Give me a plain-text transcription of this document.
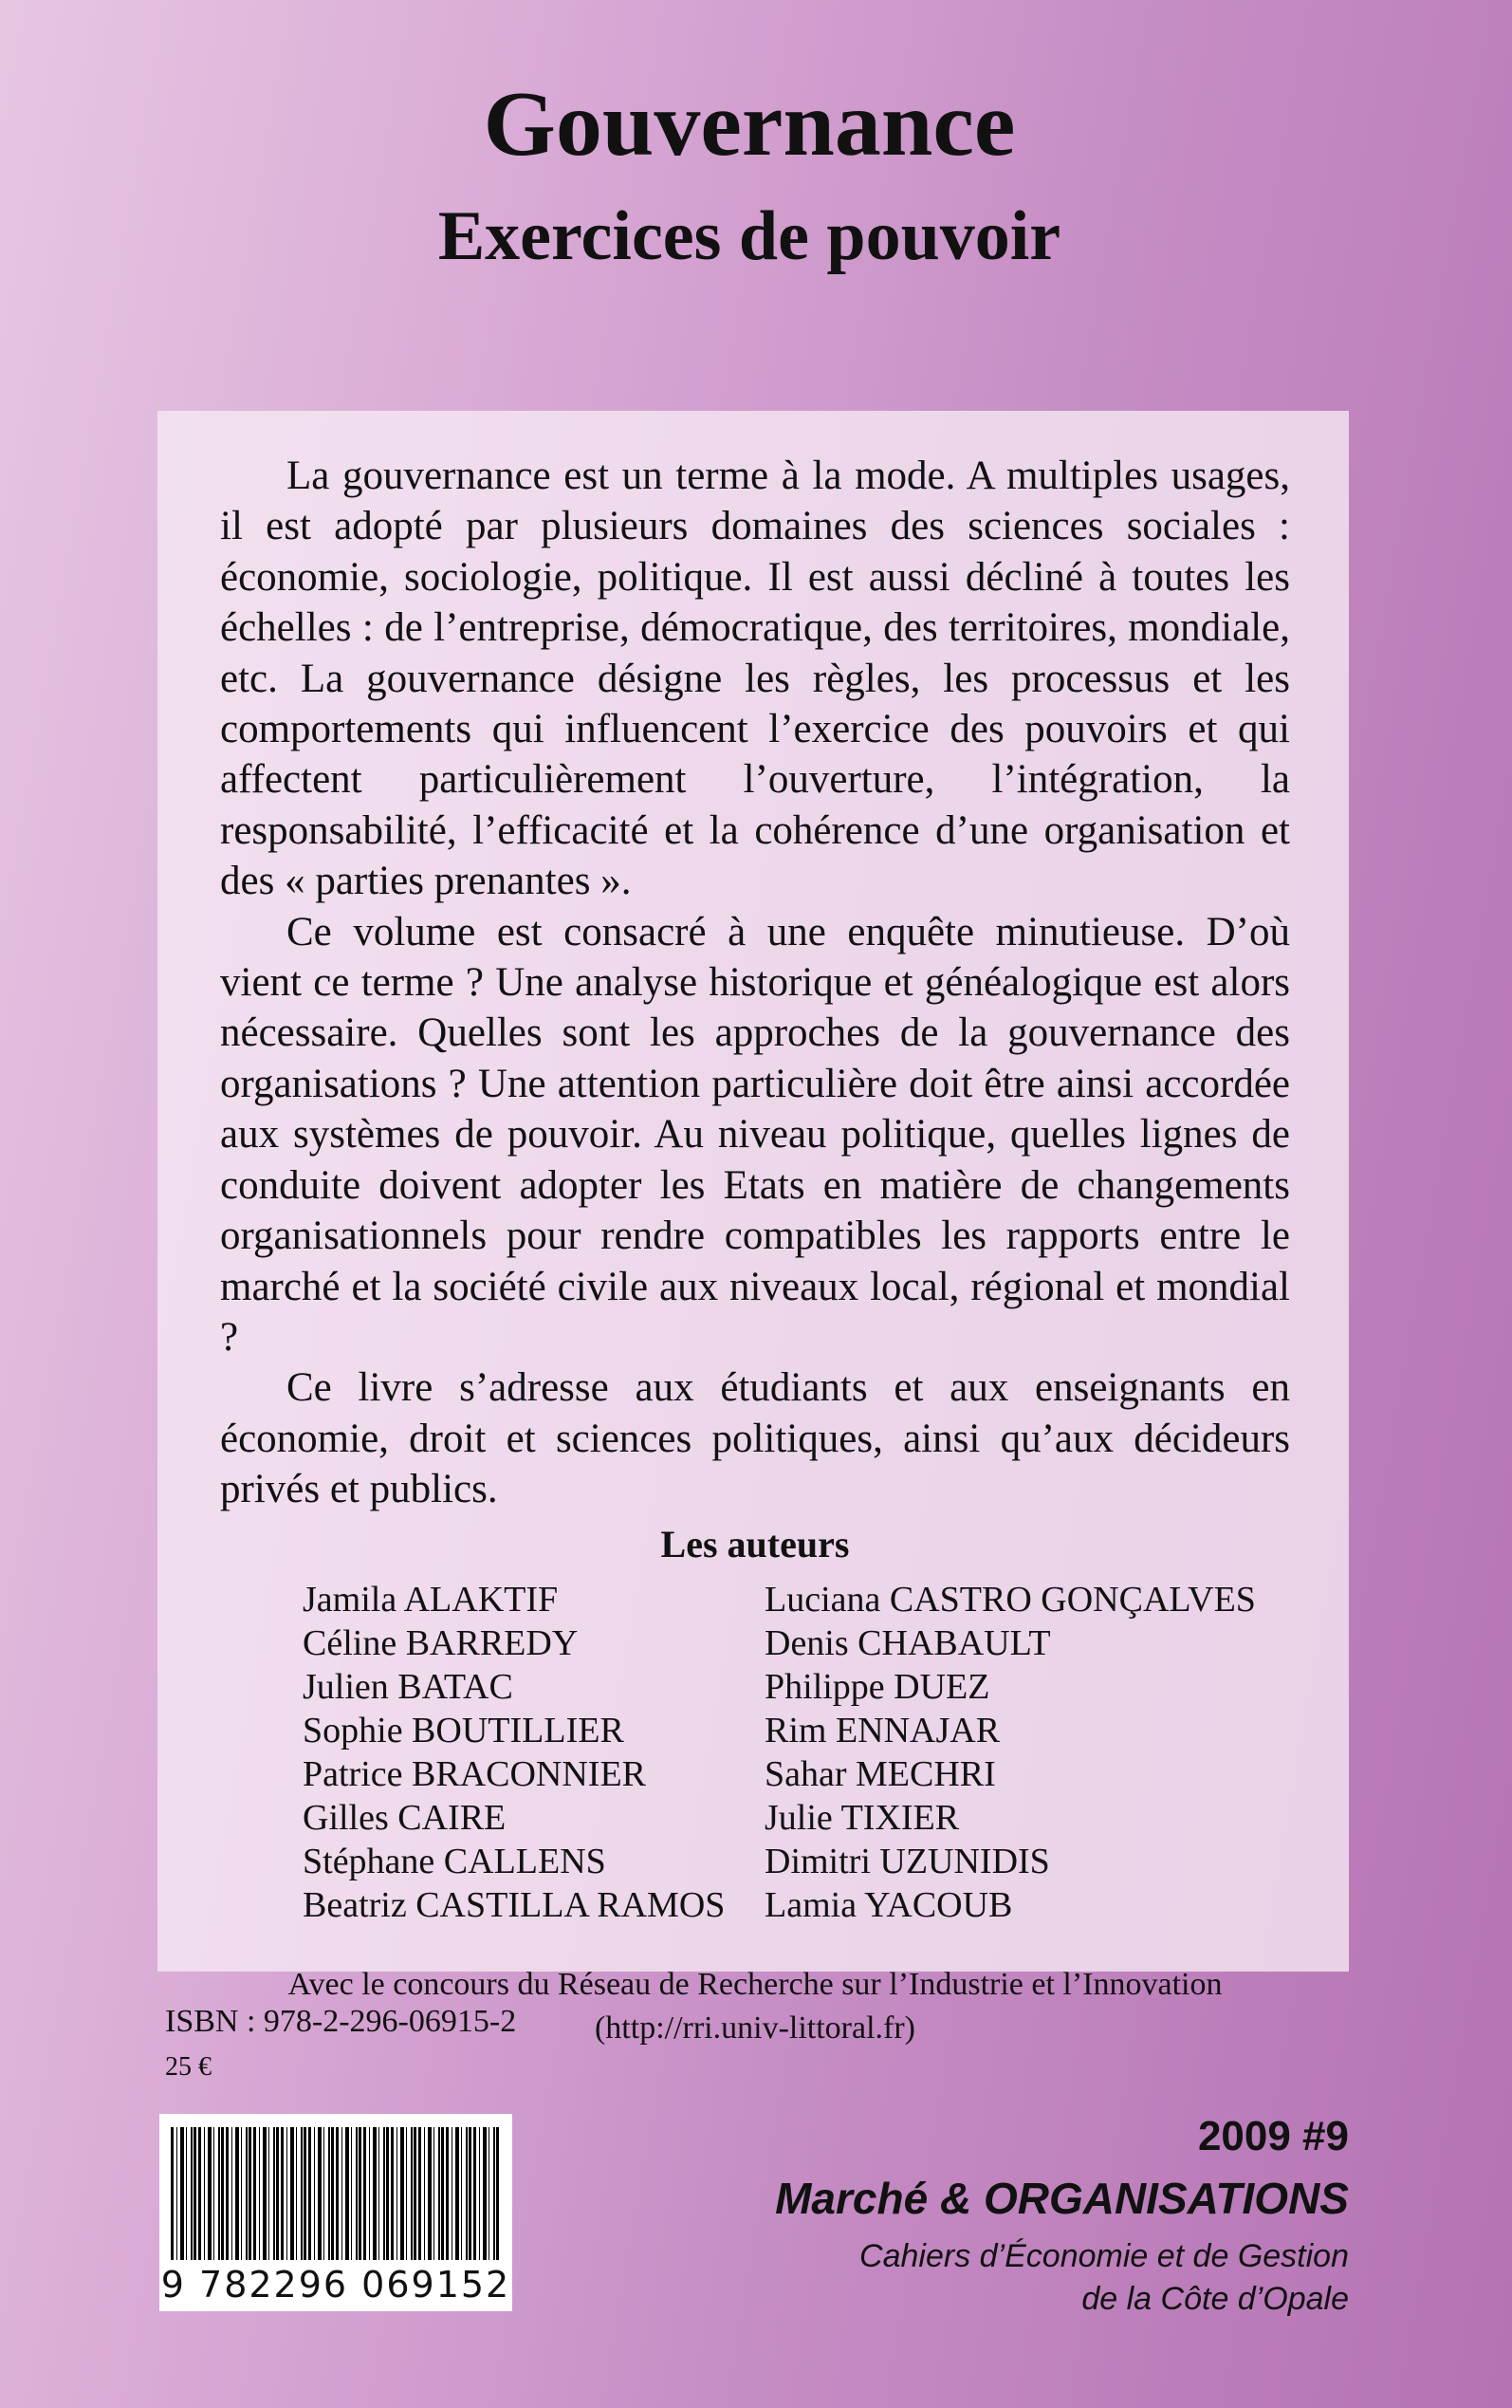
Gouvernance
Exercices de pouvoir

La gouvernance est un terme à la mode. A multiples usages, il est adopté par plusieurs domaines des sciences sociales : économie, sociologie, politique. Il est aussi décliné à toutes les échelles : de l’entreprise, démocratique, des territoires, mondiale, etc. La gouvernance désigne les règles, les processus et les comportements qui influencent l’exercice des pouvoirs et qui affectent particulièrement l’ouverture, l’intégration, la responsabilité, l’efficacité et la cohérence d’une organisation et des « parties prenantes ».

Ce volume est consacré à une enquête minutieuse. D’où vient ce terme ? Une analyse historique et généalogique est alors nécessaire. Quelles sont les approches de la gouvernance des organisations ? Une attention particulière doit être ainsi accordée aux systèmes de pouvoir. Au niveau politique, quelles lignes de conduite doivent adopter les Etats en matière de changements organisationnels pour rendre compatibles les rapports entre le marché et la société civile aux niveaux local, régional et mondial ?

Ce livre s’adresse aux étudiants et aux enseignants en économie, droit et sciences politiques, ainsi qu’aux décideurs privés et publics.

Les auteurs
Jamila ALAKTIF	Luciana CASTRO GONÇALVES
Céline BARREDY	Denis CHABAULT
Julien BATAC	Philippe DUEZ
Sophie BOUTILLIER	Rim ENNAJAR
Patrice BRACONNIER	Sahar MECHRI
Gilles CAIRE	Julie TIXIER
Stéphane CALLENS	Dimitri UZUNIDIS
Beatriz CASTILLA RAMOS	Lamia YACOUB
Avec le concours du Réseau de Recherche sur l’Industrie et l’Innovation
(http://rri.univ-littoral.fr)
ISBN : 978-2-296-06915-2
25 €
9 782296 069152
2009 #9
Marché & ORGANISATIONS
Cahiers d’Économie et de Gestion
de la Côte d’Opale
